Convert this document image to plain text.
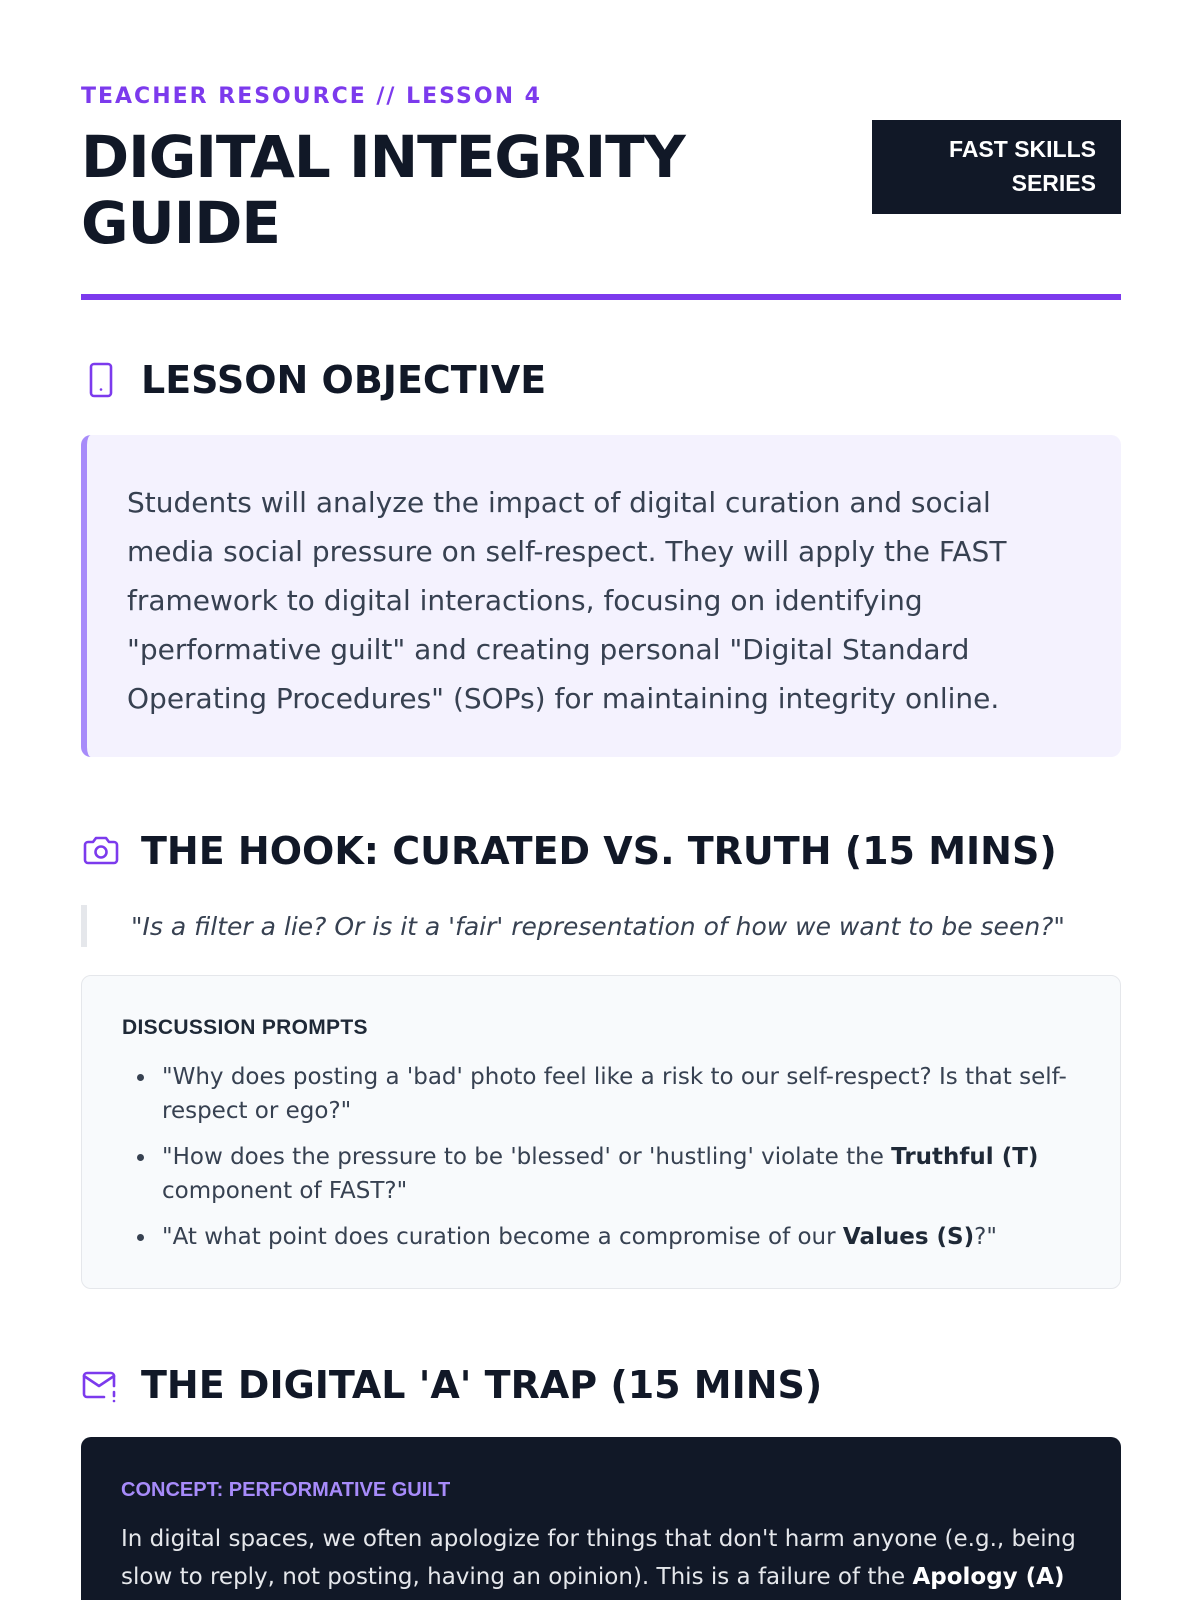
TEACHER RESOURCE // LESSON 4
DIGITAL INTEGRITY GUIDE
FAST SKILLS
SERIES
LESSON OBJECTIVE

Students will analyze the impact of digital curation and social media social pressure on self-respect. They will apply the FAST framework to digital interactions, focusing on identifying "performative guilt" and creating personal "Digital Standard Operating Procedures" (SOPs) for maintaining integrity online.

THE HOOK: CURATED VS. TRUTH (15 MINS)
"Is a filter a lie? Or is it a 'fair' representation of how we want to be seen?"
DISCUSSION PROMPTS
"Why does posting a 'bad' photo feel like a risk to our self-respect? Is that self-respect or ego?"
"How does the pressure to be 'blessed' or 'hustling' violate the Truthful (T) component of FAST?"
"At what point does curation become a compromise of our Values (S)?"
THE DIGITAL 'A' TRAP (15 MINS)
CONCEPT: PERFORMATIVE GUILT

In digital spaces, we often apologize for things that don't harm anyone (e.g., being slow to reply, not posting, having an opinion). This is a failure of the Apology (A)
